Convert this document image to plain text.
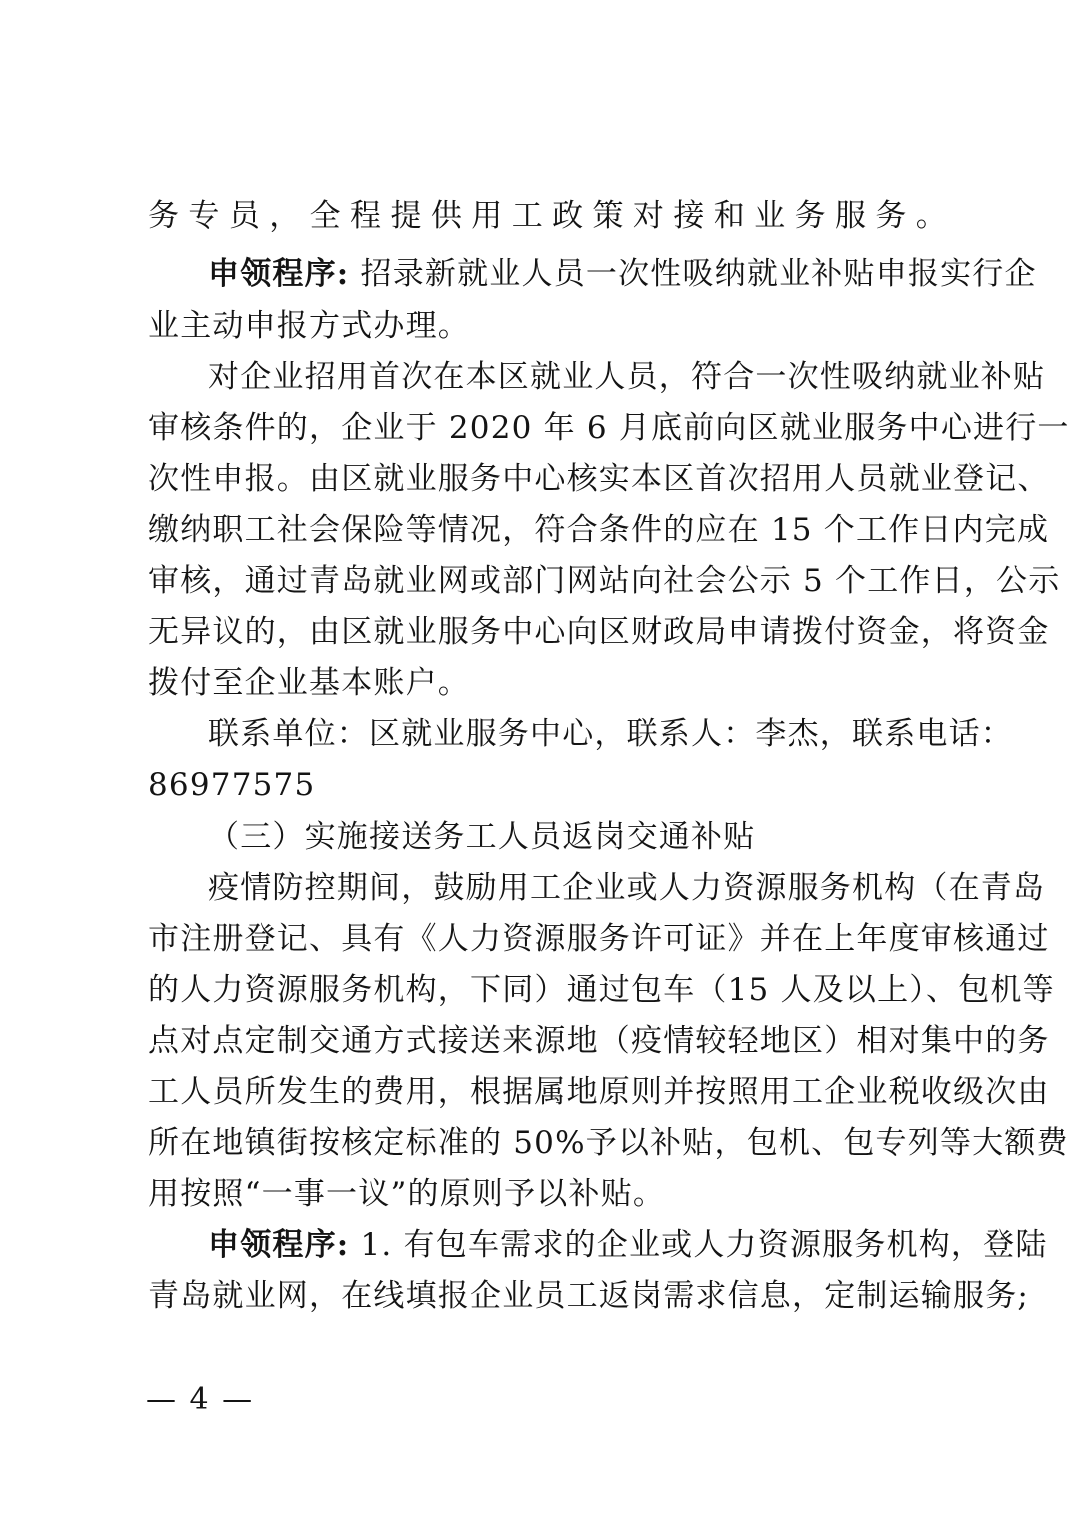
务专员，全程提供用工政策对接和业务服务。
申领程序: 招录新就业人员一次性吸纳就业补贴申报实行企
业主动申报方式办理。
对企业招用首次在本区就业人员，符合一次性吸纳就业补贴
审核条件的，企业于 2020 年 6 月底前向区就业服务中心进行一
次性申报。由区就业服务中心核实本区首次招用人员就业登记、
缴纳职工社会保险等情况，符合条件的应在 15 个工作日内完成
审核，通过青岛就业网或部门网站向社会公示 5 个工作日，公示
无异议的，由区就业服务中心向区财政局申请拨付资金，将资金
拨付至企业基本账户。
联系单位：区就业服务中心，联系人：李杰，联系电话：
86977575
（三）实施接送务工人员返岗交通补贴
疫情防控期间，鼓励用工企业或人力资源服务机构（在青岛
市注册登记、具有《人力资源服务许可证》并在上年度审核通过
的人力资源服务机构，下同）通过包车（15 人及以上）、包机等
点对点定制交通方式接送来源地（疫情较轻地区）相对集中的务
工人员所发生的费用，根据属地原则并按照用工企业税收级次由
所在地镇街按核定标准的 50%予以补贴，包机、包专列等大额费
用按照“一事一议”的原则予以补贴。
申领程序: 1. 有包车需求的企业或人力资源服务机构，登陆
青岛就业网，在线填报企业员工返岗需求信息，定制运输服务;
— 4 —
